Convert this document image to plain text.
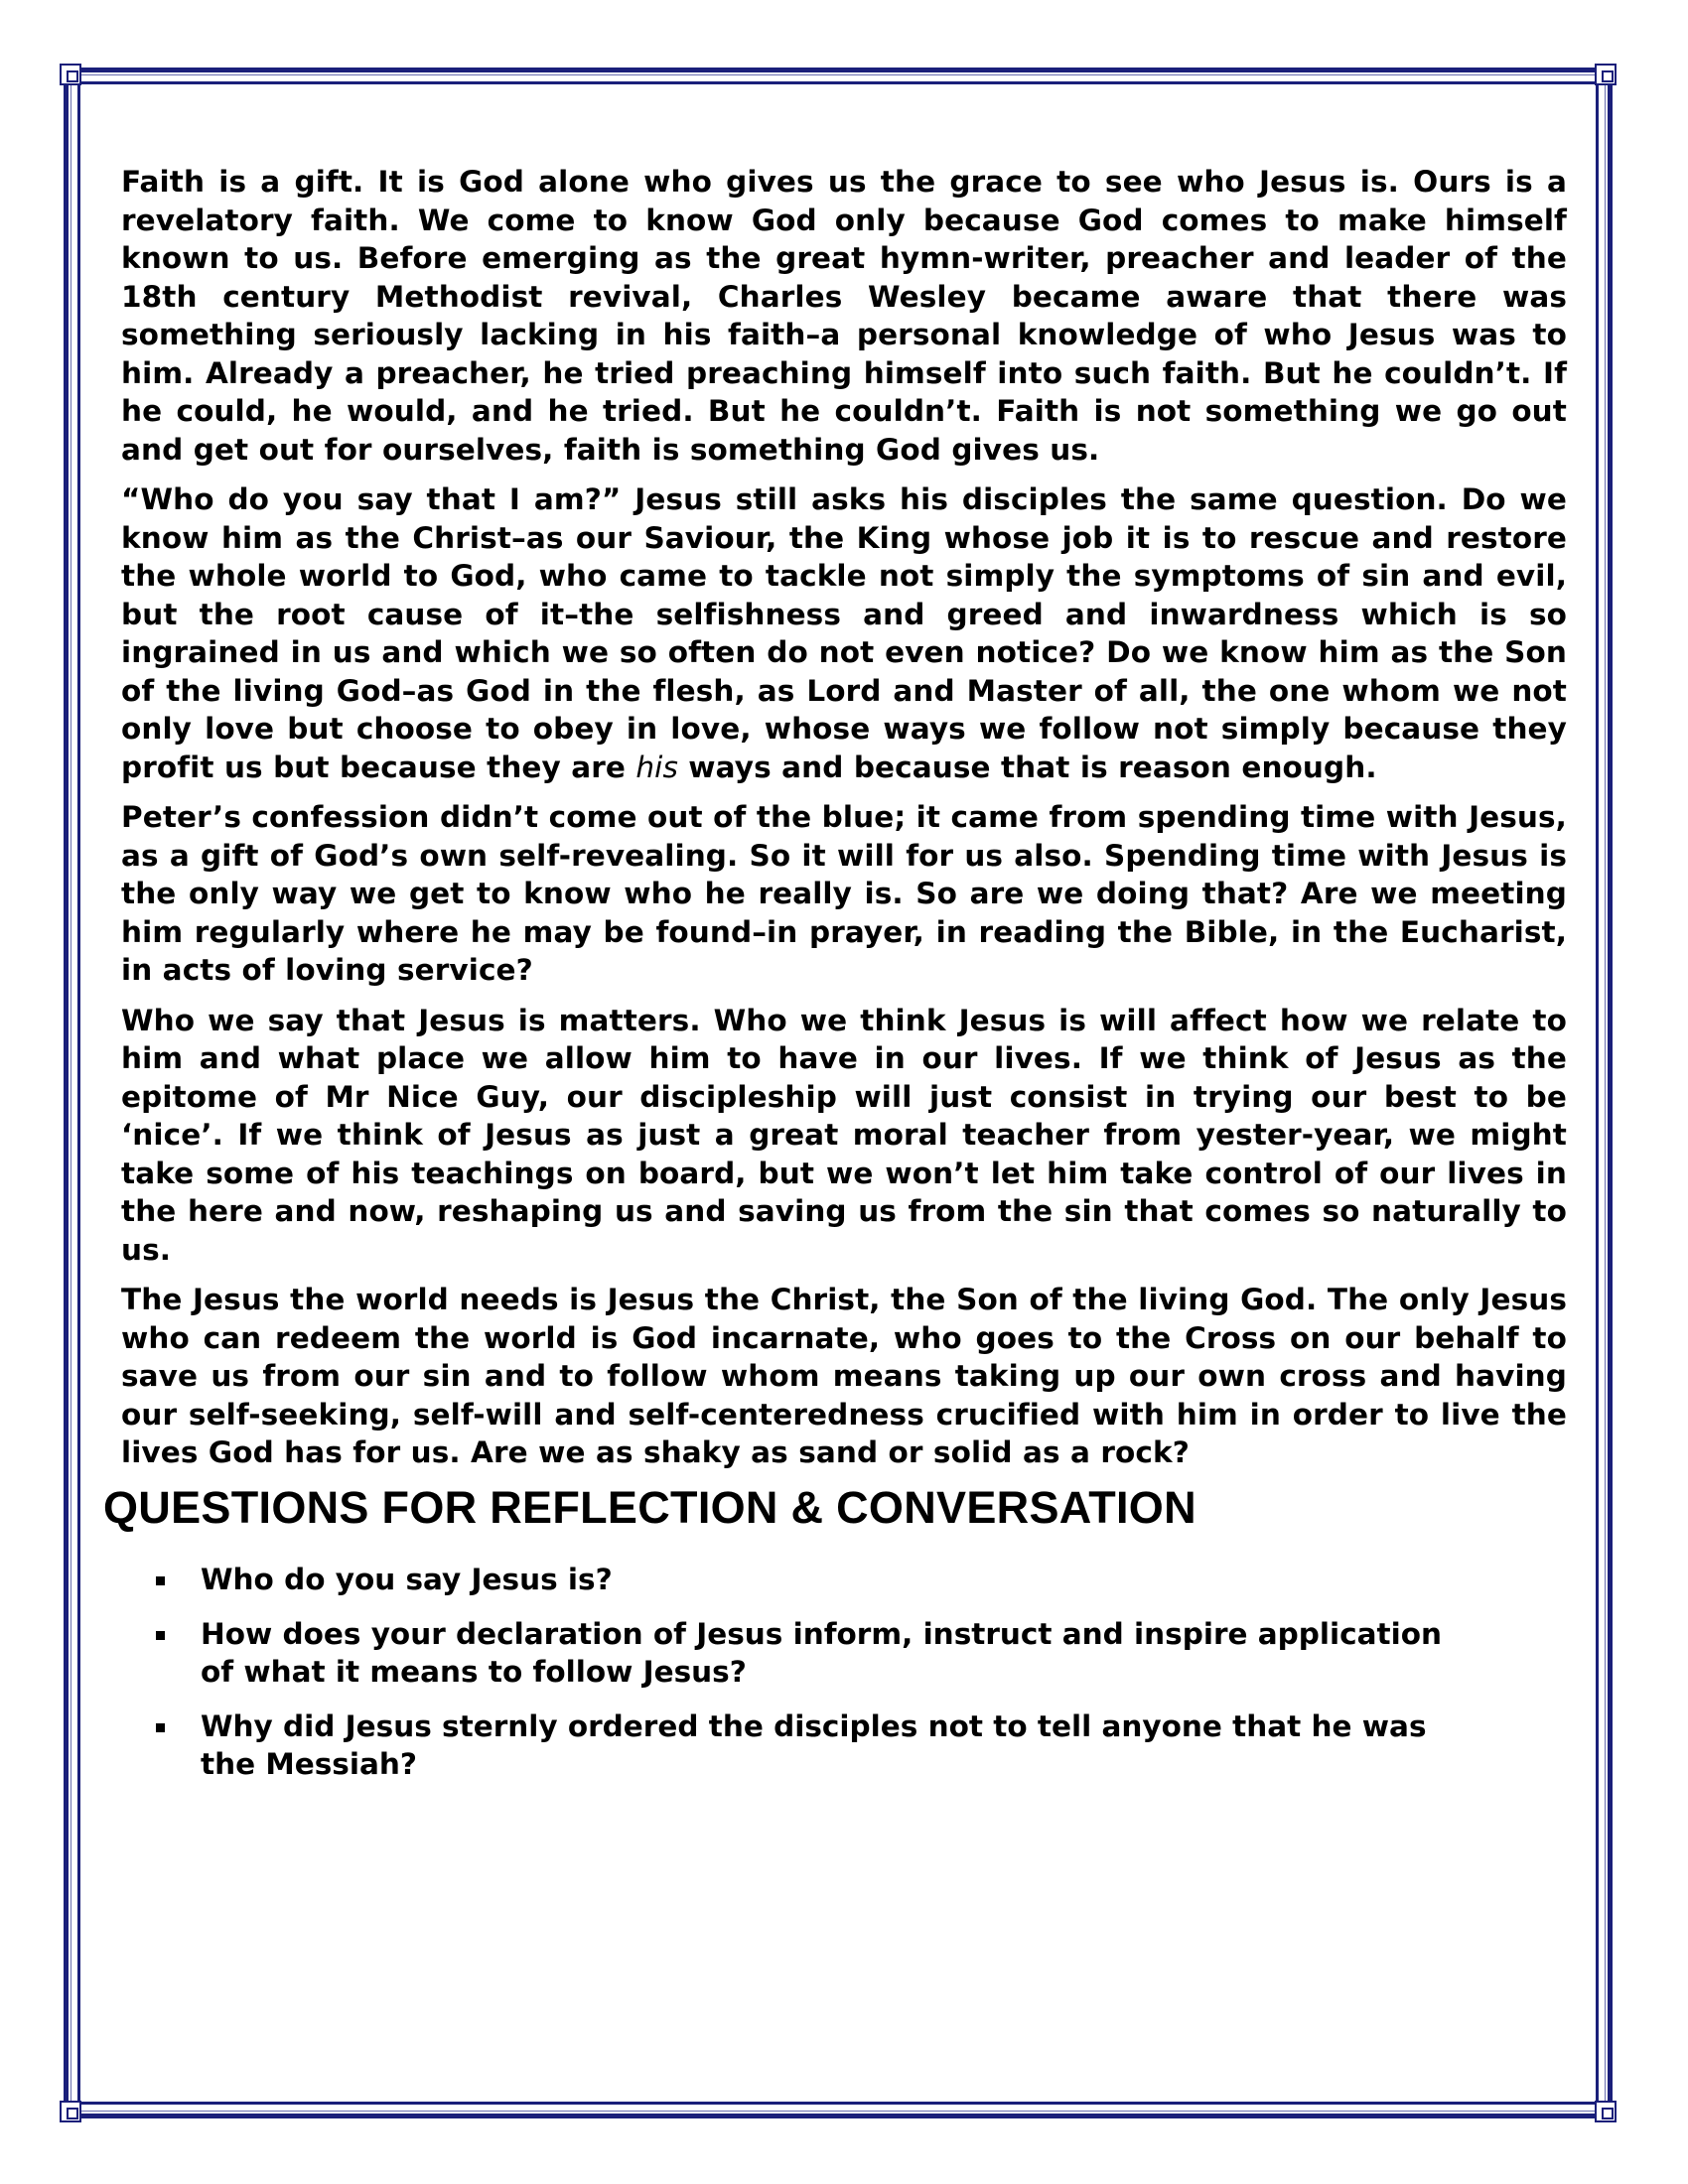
Faith is a gift. It is God alone who gives us the grace to see who Jesus is. Ours is a revelatory faith. We come to know God only because God comes to make himself known to us. Before emerging as the great hymn-writer, preacher and leader of the 18th century Methodist revival, Charles Wesley became aware that there was something seriously lacking in his faith–a personal knowledge of who Jesus was to him. Already a preacher, he tried preaching himself into such faith. But he couldn’t. If he could, he would, and he tried. But he couldn’t. Faith is not something we go out and get out for ourselves, faith is something God gives us.

“Who do you say that I am?” Jesus still asks his disciples the same question. Do we know him as the Christ–as our Saviour, the King whose job it is to rescue and restore the whole world to God, who came to tackle not simply the symptoms of sin and evil, but the root cause of it–the selfishness and greed and inwardness which is so ingrained in us and which we so often do not even notice? Do we know him as the Son of the living God–as God in the flesh, as Lord and Master of all, the one whom we not only love but choose to obey in love, whose ways we follow not simply because they profit us but because they are his ways and because that is reason enough.

Peter’s confession didn’t come out of the blue; it came from spending time with Jesus, as a gift of God’s own self-revealing. So it will for us also. Spending time with Jesus is the only way we get to know who he really is. So are we doing that? Are we meeting him regularly where he may be found–in prayer, in reading the Bible, in the Eucharist, in acts of loving service?

Who we say that Jesus is matters. Who we think Jesus is will affect how we relate to him and what place we allow him to have in our lives. If we think of Jesus as the epitome of Mr Nice Guy, our discipleship will just consist in trying our best to be ‘nice’. If we think of Jesus as just a great moral teacher from yester-year, we might take some of his teachings on board, but we won’t let him take control of our lives in the here and now, reshaping us and saving us from the sin that comes so naturally to us.

The Jesus the world needs is Jesus the Christ, the Son of the living God. The only Jesus who can redeem the world is God incarnate, who goes to the Cross on our behalf to save us from our sin and to follow whom means taking up our own cross and having our self-seeking, self-will and self-centeredness crucified with him in order to live the lives God has for us. Are we as shaky as sand or solid as a rock?

QUESTIONS FOR REFLECTION & CONVERSATION
Who do you say Jesus is?
How does your declaration of Jesus inform, instruct and inspire application of what it means to follow Jesus?
Why did Jesus sternly ordered the disciples not to tell anyone that he was the Messiah?
